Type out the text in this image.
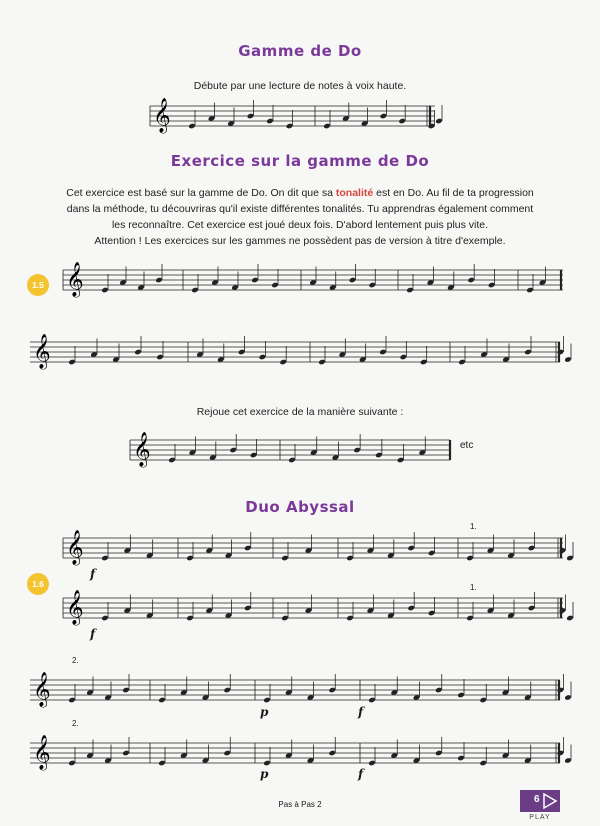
Gamme de Do
Débute par une lecture de notes à voix haute.
𝄞
Exercice sur la gamme de Do
Cet exercice est basé sur la gamme de Do. On dit que sa tonalité est en Do. Au fil de ta progression
dans la méthode, tu découvriras qu'il existe différentes tonalités. Tu apprendras également comment
les reconnaître. Cet exercice est joué deux fois. D'abord lentement puis plus vite.
Attention ! Les exercices sur les gammes ne possèdent pas de version à titre d'exemple.
1.5 𝄞
𝄞
Rejoue cet exercice de la manière suivante :
𝄞	etc
Duo Abyssal
1.6
𝄞
𝄞
1.
1.
f
f
𝄞
𝄞
2.
2.
p	f
p	f
Pas à Pas 2	6
PLAY
